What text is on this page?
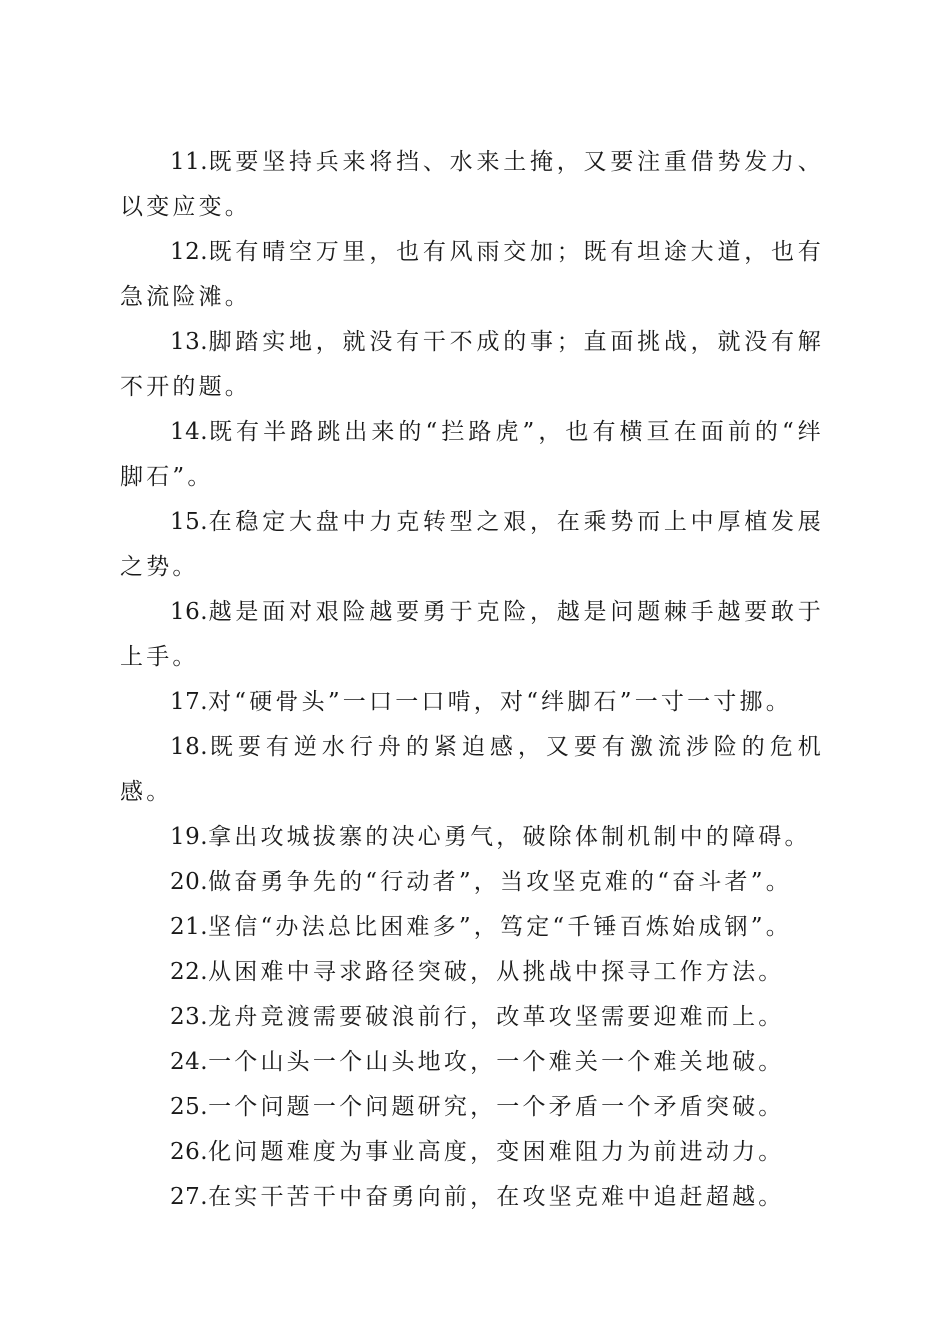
11.既要坚持兵来将挡、水来土掩，又要注重借势发力、以变应变。

12.既有晴空万里，也有风雨交加；既有坦途大道，也有急流险滩。

13.脚踏实地，就没有干不成的事；直面挑战，就没有解不开的题。

14.既有半路跳出来的“拦路虎”，也有横亘在面前的“绊脚石”。

15.在稳定大盘中力克转型之艰，在乘势而上中厚植发展之势。

16.越是面对艰险越要勇于克险，越是问题棘手越要敢于上手。

17.对“硬骨头”一口一口啃，对“绊脚石”一寸一寸挪。

18.既要有逆水行舟的紧迫感，又要有激流涉险的危机感。

19.拿出攻城拔寨的决心勇气，破除体制机制中的障碍。

20.做奋勇争先的“行动者”，当攻坚克难的“奋斗者”。

21.坚信“办法总比困难多”，笃定“千锤百炼始成钢”。

22.从困难中寻求路径突破，从挑战中探寻工作方法。

23.龙舟竞渡需要破浪前行，改革攻坚需要迎难而上。

24.一个山头一个山头地攻，一个难关一个难关地破。

25.一个问题一个问题研究，一个矛盾一个矛盾突破。

26.化问题难度为事业高度，变困难阻力为前进动力。

27.在实干苦干中奋勇向前，在攻坚克难中追赶超越。
